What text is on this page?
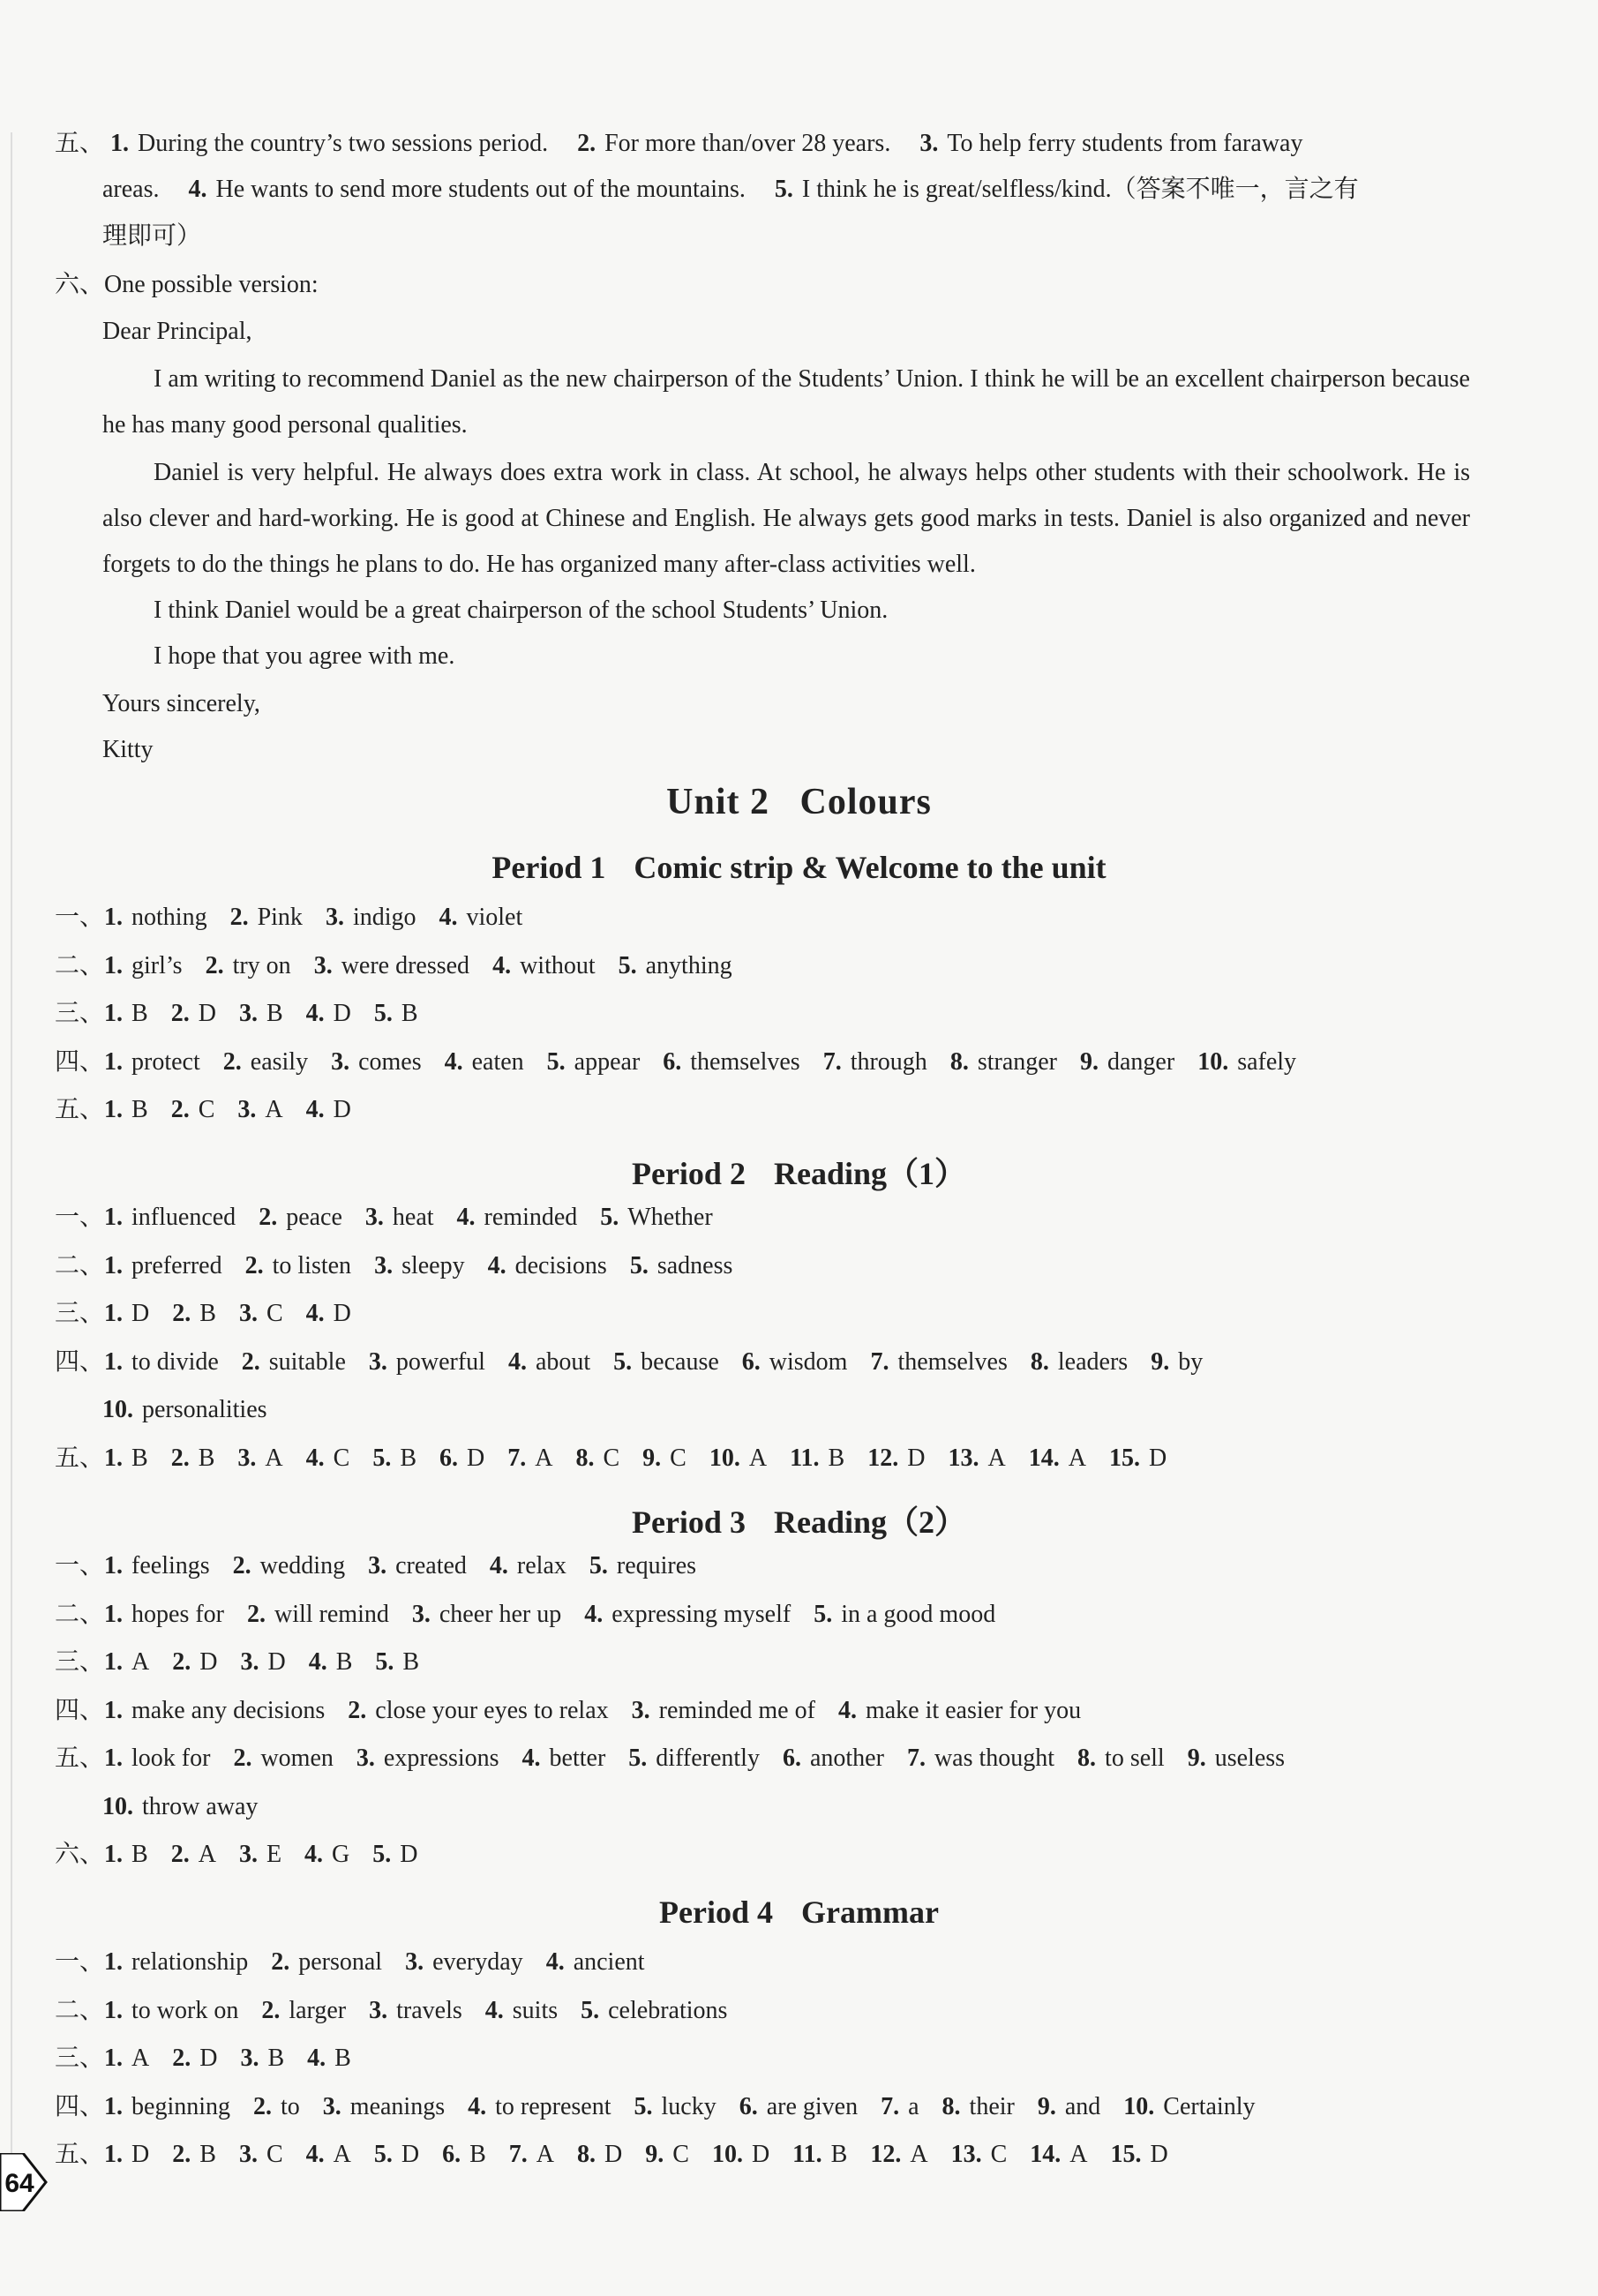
五、 1. During the country’s two sessions period. 2. For more than/over 28 years. 3. To help ferry students from faraway
areas. 4. He wants to send more students out of the mountains. 5. I think he is great/selfless/kind.（答案不唯一，言之有
理即可）
六、One possible version:
Dear Principal,
I am writing to recommend Daniel as the new chairperson of the Students’ Union. I think he will be an excellent chairperson because he has many good personal qualities.
Daniel is very helpful. He always does extra work in class. At school, he always helps other students with their schoolwork. He is also clever and hard-working. He is good at Chinese and English. He always gets good marks in tests. Daniel is also organized and never forgets to do the things he plans to do. He has organized many after-class activities well.
I think Daniel would be a great chairperson of the school Students’ Union.
I hope that you agree with me.
Yours sincerely,
Kitty
Unit 2   Colours
Period 1 Comic strip & Welcome to the unit
一、1. nothing 2. Pink 3. indigo 4. violet
二、1. girl’s 2. try on 3. were dressed 4. without 5. anything
三、1. B 2. D 3. B 4. D 5. B
四、1. protect 2. easily 3. comes 4. eaten 5. appear 6. themselves 7. through 8. stranger 9. danger 10. safely
五、1. B 2. C 3. A 4. D
Period 2 Reading（1）
一、1. influenced 2. peace 3. heat 4. reminded 5. Whether
二、1. preferred 2. to listen 3. sleepy 4. decisions 5. sadness
三、1. D 2. B 3. C 4. D
四、1. to divide 2. suitable 3. powerful 4. about 5. because 6. wisdom 7. themselves 8. leaders 9. by
10. personalities
五、1. B 2. B 3. A 4. C 5. B 6. D 7. A 8. C 9. C 10. A 11. B 12. D 13. A 14. A 15. D
Period 3 Reading（2）
一、1. feelings 2. wedding 3. created 4. relax 5. requires
二、1. hopes for 2. will remind 3. cheer her up 4. expressing myself 5. in a good mood
三、1. A 2. D 3. D 4. B 5. B
四、1. make any decisions 2. close your eyes to relax 3. reminded me of 4. make it easier for you
五、1. look for 2. women 3. expressions 4. better 5. differently 6. another 7. was thought 8. to sell 9. useless
10. throw away
六、1. B 2. A 3. E 4. G 5. D
Period 4 Grammar
一、1. relationship 2. personal 3. everyday 4. ancient
二、1. to work on 2. larger 3. travels 4. suits 5. celebrations
三、1. A 2. D 3. B 4. B
四、1. beginning 2. to 3. meanings 4. to represent 5. lucky 6. are given 7. a 8. their 9. and 10. Certainly
五、1. D 2. B 3. C 4. A 5. D 6. B 7. A 8. D 9. C 10. D 11. B 12. A 13. C 14. A 15. D
64
